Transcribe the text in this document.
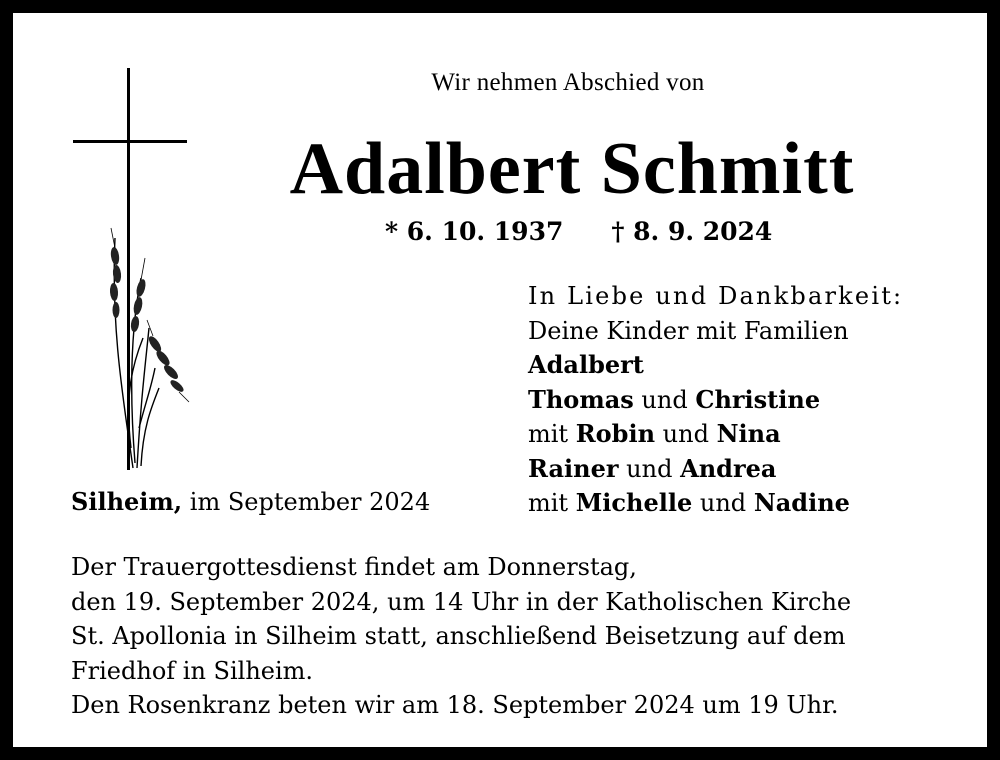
Wir nehmen Abschied von
Adalbert Schmitt
* 6. 10. 1937 † 8. 9. 2024
In Liebe und Dankbarkeit:
Deine Kinder mit Familien
Adalbert
Thomas und Christine
mit Robin und Nina
Rainer und Andrea
mit Michelle und Nadine
Silheim, im September 2024
Der Trauergottesdienst findet am Donnerstag,
den 19. September 2024, um 14 Uhr in der Katholischen Kirche
St. Apollonia in Silheim statt, anschließend Beisetzung auf dem
Friedhof in Silheim.
Den Rosenkranz beten wir am 18. September 2024 um 19 Uhr.
